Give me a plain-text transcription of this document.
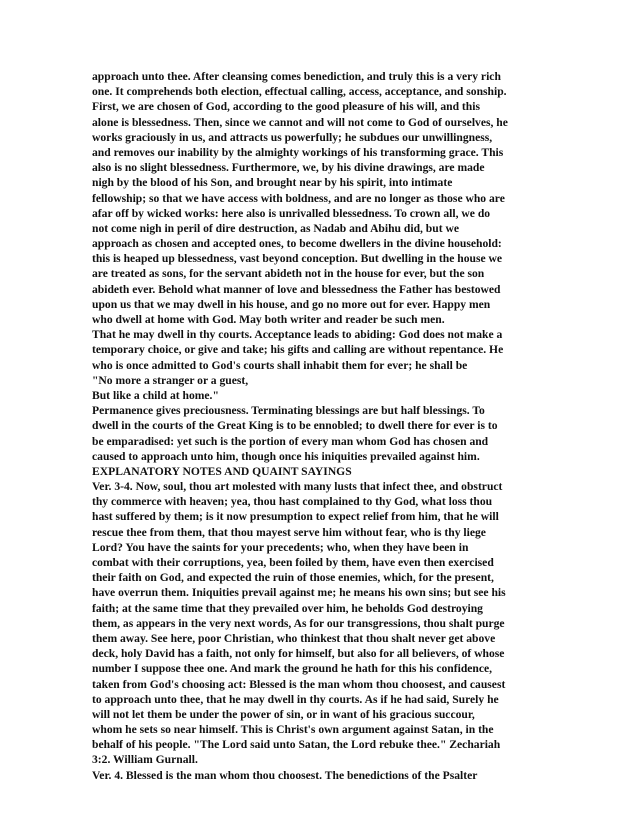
approach unto thee. After cleansing comes benediction, and truly this is a very rich
one. It comprehends both election, effectual calling, access, acceptance, and sonship.
First, we are chosen of God, according to the good pleasure of his will, and this
alone is blessedness. Then, since we cannot and will not come to God of ourselves, he
works graciously in us, and attracts us powerfully; he subdues our unwillingness,
and removes our inability by the almighty workings of his transforming grace. This
also is no slight blessedness. Furthermore, we, by his divine drawings, are made
nigh by the blood of his Son, and brought near by his spirit, into intimate
fellowship; so that we have access with boldness, and are no longer as those who are
afar off by wicked works: here also is unrivalled blessedness. To crown all, we do
not come nigh in peril of dire destruction, as Nadab and Abihu did, but we
approach as chosen and accepted ones, to become dwellers in the divine household:
this is heaped up blessedness, vast beyond conception. But dwelling in the house we
are treated as sons, for the servant abideth not in the house for ever, but the son
abideth ever. Behold what manner of love and blessedness the Father has bestowed
upon us that we may dwell in his house, and go no more out for ever. Happy men
who dwell at home with God. May both writer and reader be such men.
That he may dwell in thy courts. Acceptance leads to abiding: God does not make a
temporary choice, or give and take; his gifts and calling are without repentance. He
who is once admitted to God's courts shall inhabit them for ever; he shall be
"No more a stranger or a guest,
But like a child at home."
Permanence gives preciousness. Terminating blessings are but half blessings. To
dwell in the courts of the Great King is to be ennobled; to dwell there for ever is to
be emparadised: yet such is the portion of every man whom God has chosen and
caused to approach unto him, though once his iniquities prevailed against him.
EXPLANATORY NOTES AND QUAINT SAYINGS
Ver. 3-4. Now, soul, thou art molested with many lusts that infect thee, and obstruct
thy commerce with heaven; yea, thou hast complained to thy God, what loss thou
hast suffered by them; is it now presumption to expect relief from him, that he will
rescue thee from them, that thou mayest serve him without fear, who is thy liege
Lord? You have the saints for your precedents; who, when they have been in
combat with their corruptions, yea, been foiled by them, have even then exercised
their faith on God, and expected the ruin of those enemies, which, for the present,
have overrun them. Iniquities prevail against me; he means his own sins; but see his
faith; at the same time that they prevailed over him, he beholds God destroying
them, as appears in the very next words, As for our transgressions, thou shalt purge
them away. See here, poor Christian, who thinkest that thou shalt never get above
deck, holy David has a faith, not only for himself, but also for all believers, of whose
number I suppose thee one. And mark the ground he hath for this his confidence,
taken from God's choosing act: Blessed is the man whom thou choosest, and causest
to approach unto thee, that he may dwell in thy courts. As if he had said, Surely he
will not let them be under the power of sin, or in want of his gracious succour,
whom he sets so near himself. This is Christ's own argument against Satan, in the
behalf of his people. "The Lord said unto Satan, the Lord rebuke thee." Zechariah
3:2. William Gurnall.
Ver. 4. Blessed is the man whom thou choosest. The benedictions of the Psalter
